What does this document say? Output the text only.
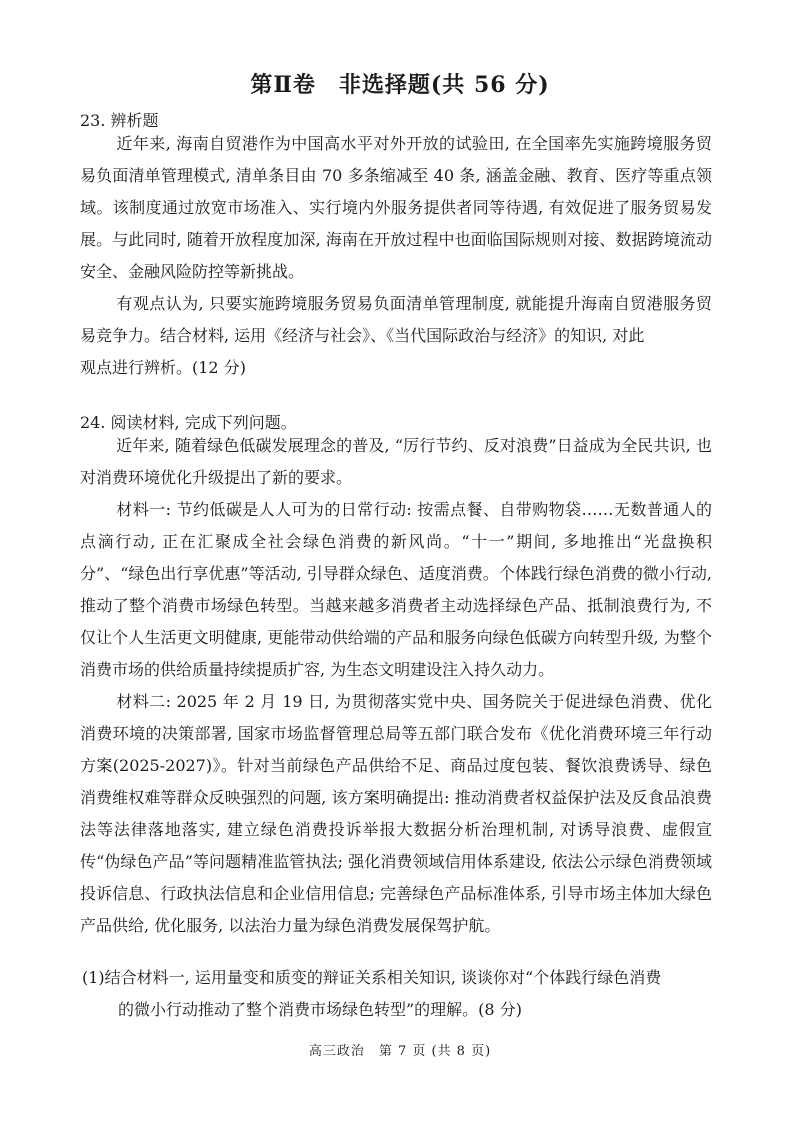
第Ⅱ卷　非选择题(共 56 分)
23. 辨析题

近年来, 海南自贸港作为中国高水平对外开放的试验田, 在全国率先实施跨境服务贸易负面清单管理模式, 清单条目由 70 多条缩减至 40 条, 涵盖金融、教育、医疗等重点领域。该制度通过放宽市场准入、实行境内外服务提供者同等待遇, 有效促进了服务贸易发展。与此同时, 随着开放程度加深, 海南在开放过程中也面临国际规则对接、数据跨境流动安全、金融风险防控等新挑战。

有观点认为, 只要实施跨境服务贸易负面清单管理制度, 就能提升海南自贸港服务贸易竞争力。结合材料, 运用《经济与社会》、《当代国际政治与经济》的知识, 对此

观点进行辨析。(12 分)

24. 阅读材料, 完成下列问题。

近年来, 随着绿色低碳发展理念的普及, “厉行节约、反对浪费”日益成为全民共识, 也对消费环境优化升级提出了新的要求。

材料一: 节约低碳是人人可为的日常行动: 按需点餐、自带购物袋……无数普通人的点滴行动, 正在汇聚成全社会绿色消费的新风尚。“十一”期间, 多地推出“光盘换积分”、“绿色出行享优惠”等活动, 引导群众绿色、适度消费。个体践行绿色消费的微小行动, 推动了整个消费市场绿色转型。当越来越多消费者主动选择绿色产品、抵制浪费行为, 不仅让个人生活更文明健康, 更能带动供给端的产品和服务向绿色低碳方向转型升级, 为整个消费市场的供给质量持续提质扩容, 为生态文明建设注入持久动力。

材料二: 2025 年 2 月 19 日, 为贯彻落实党中央、国务院关于促进绿色消费、优化消费环境的决策部署, 国家市场监督管理总局等五部门联合发布《优化消费环境三年行动方案(2025-2027)》。针对当前绿色产品供给不足、商品过度包装、餐饮浪费诱导、绿色消费维权难等群众反映强烈的问题, 该方案明确提出: 推动消费者权益保护法及反食品浪费法等法律落地落实, 建立绿色消费投诉举报大数据分析治理机制, 对诱导浪费、虚假宣传“伪绿色产品”等问题精准监管执法; 强化消费领域信用体系建设, 依法公示绿色消费领域投诉信息、行政执法信息和企业信用信息; 完善绿色产品标准体系, 引导市场主体加大绿色产品供给, 优化服务, 以法治力量为绿色消费发展保驾护航。

(1)结合材料一, 运用量变和质变的辩证关系相关知识, 谈谈你对“个体践行绿色消费
的微小行动推动了整个消费市场绿色转型”的理解。(8 分)

高三政治　第 7 页 (共 8 页)
